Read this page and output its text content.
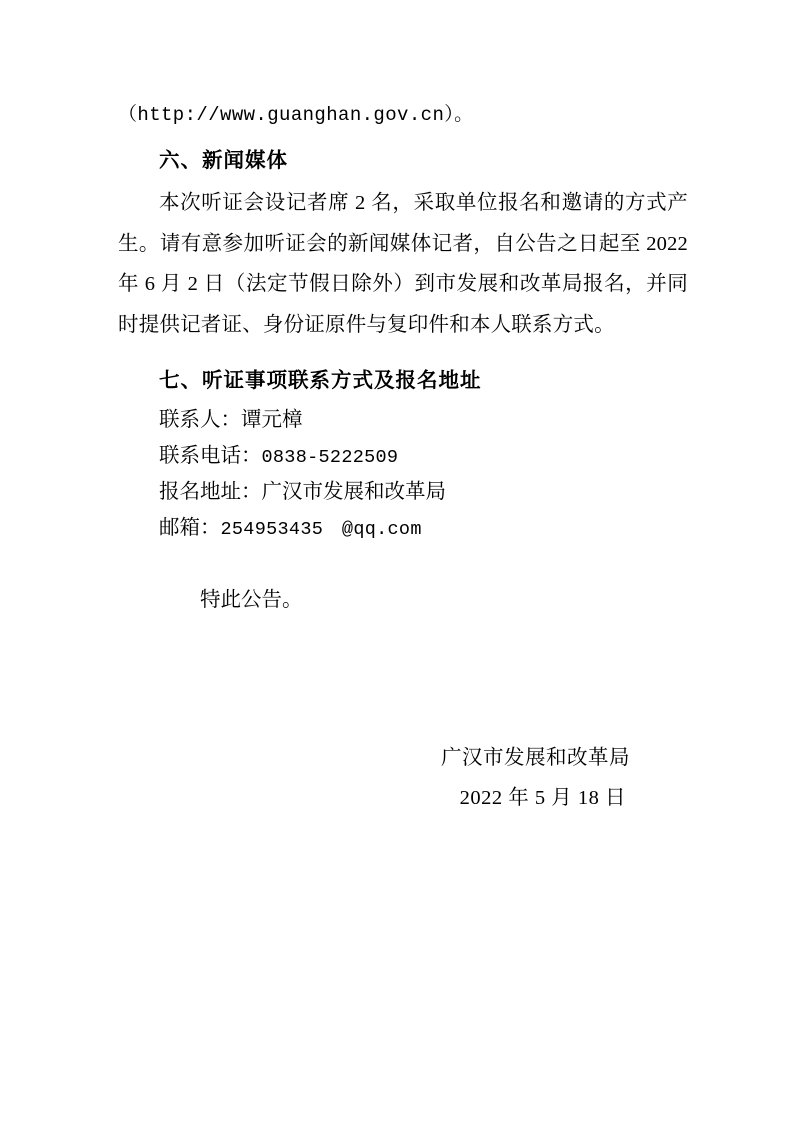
（http://www.guanghan.gov.cn）。
六、新闻媒体
本次听证会设记者席 2 名，采取单位报名和邀请的方式产生。请有意参加听证会的新闻媒体记者，自公告之日起至 2022 年 6 月 2 日（法定节假日除外）到市发展和改革局报名，并同时提供记者证、身份证原件与复印件和本人联系方式。
七、听证事项联系方式及报名地址
联系人：谭元樟
联系电话：0838-5222509
报名地址：广汉市发展和改革局
邮箱：254953435　@qq.com
特此公告。
广汉市发展和改革局
2022 年 5 月 18 日
